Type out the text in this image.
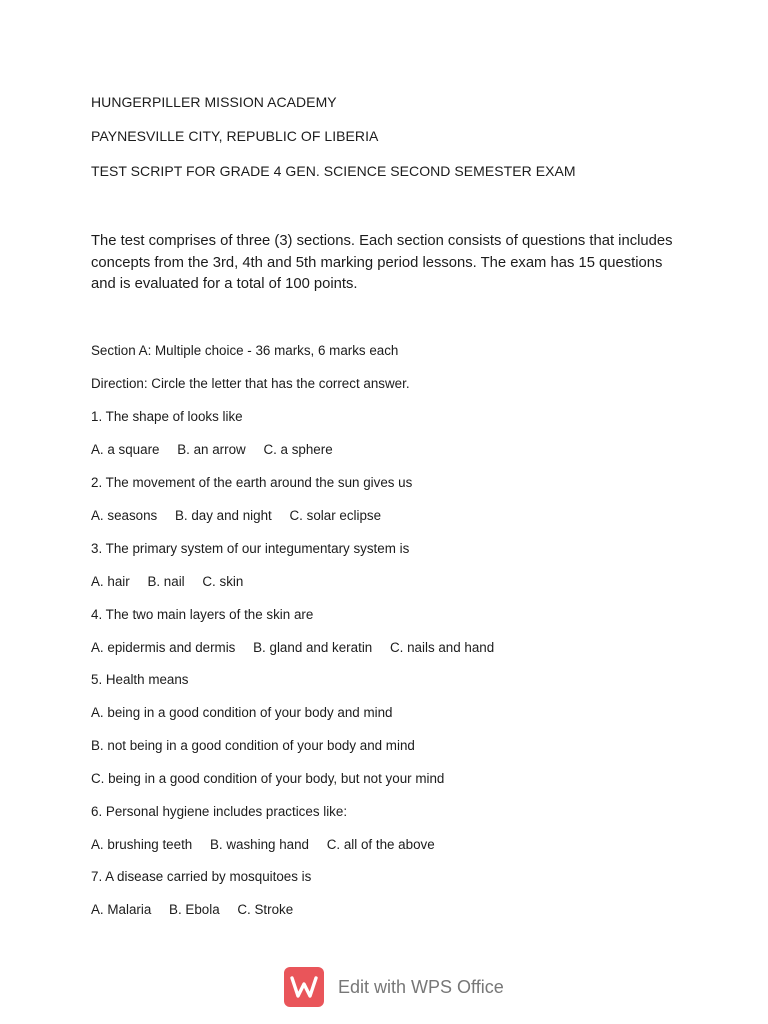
HUNGERPILLER MISSION ACADEMY
PAYNESVILLE CITY, REPUBLIC OF LIBERIA
TEST SCRIPT FOR GRADE 4 GEN. SCIENCE SECOND SEMESTER EXAM
The test comprises of three (3) sections. Each section consists of questions that includes concepts from the 3rd, 4th and 5th marking period lessons. The exam has 15 questions and is evaluated for a total of 100 points.
Section A: Multiple choice - 36 marks, 6 marks each
Direction: Circle the letter that has the correct answer.
1. The shape of looks like
A. a square B. an arrow C. a sphere
2. The movement of the earth around the sun gives us
A. seasons B. day and night C. solar eclipse
3. The primary system of our integumentary system is
A. hair B. nail C. skin
4. The two main layers of the skin are
A. epidermis and dermis B. gland and keratin C. nails and hand
5. Health means
A. being in a good condition of your body and mind
B. not being in a good condition of your body and mind
C. being in a good condition of your body, but not your mind
6. Personal hygiene includes practices like:
A. brushing teeth B. washing hand C. all of the above
7. A disease carried by mosquitoes is
A. Malaria B. Ebola C. Stroke
Edit with WPS Office
